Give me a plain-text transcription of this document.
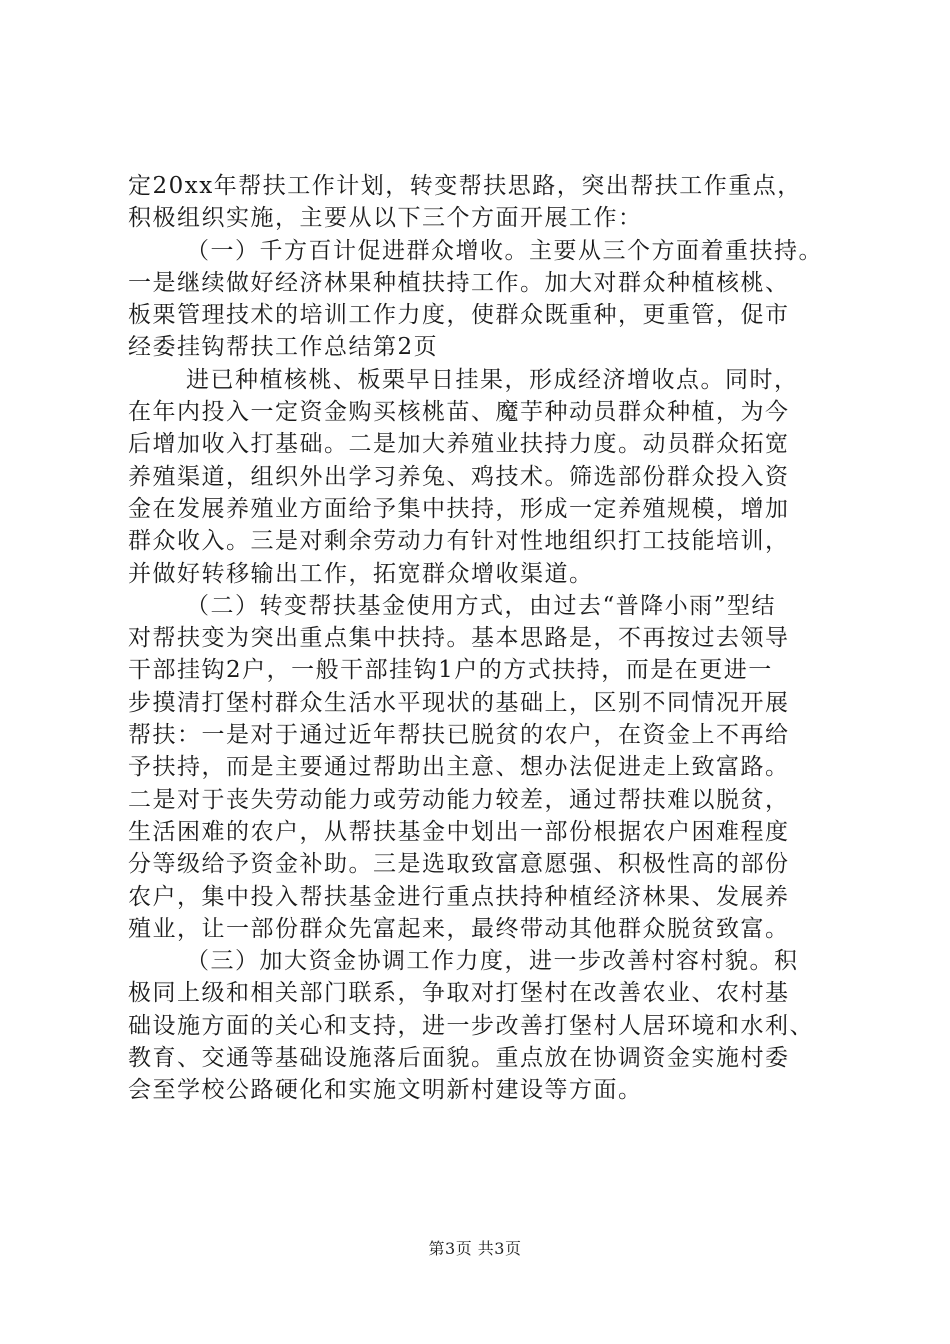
定20xx年帮扶工作计划，转变帮扶思路，突出帮扶工作重点，
积极组织实施，主要从以下三个方面开展工作：
（一）千方百计促进群众增收。主要从三个方面着重扶持。
一是继续做好经济林果种植扶持工作。加大对群众种植核桃、
板栗管理技术的培训工作力度，使群众既重种，更重管，促市
经委挂钩帮扶工作总结第2页
进已种植核桃、板栗早日挂果，形成经济增收点。同时，
在年内投入一定资金购买核桃苗、魔芋种动员群众种植，为今
后增加收入打基础。二是加大养殖业扶持力度。动员群众拓宽
养殖渠道，组织外出学习养兔、鸡技术。筛选部份群众投入资
金在发展养殖业方面给予集中扶持，形成一定养殖规模，增加
群众收入。三是对剩余劳动力有针对性地组织打工技能培训，
并做好转移输出工作，拓宽群众增收渠道。
（二）转变帮扶基金使用方式，由过去“普降小雨”型结
对帮扶变为突出重点集中扶持。基本思路是，不再按过去领导
干部挂钩2户，一般干部挂钩1户的方式扶持，而是在更进一
步摸清打堡村群众生活水平现状的基础上，区别不同情况开展
帮扶：一是对于通过近年帮扶已脱贫的农户，在资金上不再给
予扶持，而是主要通过帮助出主意、想办法促进走上致富路。
二是对于丧失劳动能力或劳动能力较差，通过帮扶难以脱贫，
生活困难的农户，从帮扶基金中划出一部份根据农户困难程度
分等级给予资金补助。三是选取致富意愿强、积极性高的部份
农户，集中投入帮扶基金进行重点扶持种植经济林果、发展养
殖业，让一部份群众先富起来，最终带动其他群众脱贫致富。
（三）加大资金协调工作力度，进一步改善村容村貌。积
极同上级和相关部门联系，争取对打堡村在改善农业、农村基
础设施方面的关心和支持，进一步改善打堡村人居环境和水利、
教育、交通等基础设施落后面貌。重点放在协调资金实施村委
会至学校公路硬化和实施文明新村建设等方面。
第3页 共3页
